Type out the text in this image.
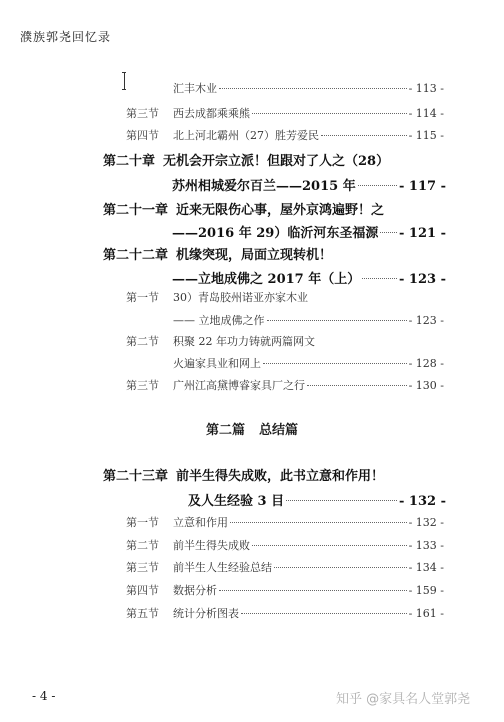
濮族郭尧回忆录
汇丰木业	- 113 -
第三节	西去成都乘乘熊	- 114 -
第四节	北上河北霸州（27）胜芳爱民	- 115 -
第二十章 无机会开宗立派！但跟对了人之（28）
苏州相城爱尔百兰——2015 年	- 117 -
第二十一章 近来无限伤心事，屋外京鸿遍野！之
——2016 年 29）临沂河东圣福源 - 121 -
第二十二章 机缘突现，局面立现转机！
——立地成佛之 2017 年（上）	- 123 -
第一节	30）青岛胶州诺亚亦家木业
—— 立地成佛之作	- 123 -
第二节	积聚 22 年功力铸就两篇网文
火遍家具业和网上	- 128 -
第三节	广州江高黛博睿家具厂之行	- 130 -
第二篇 总结篇
第二十三章 前半生得失成败，此书立意和作用！
及人生经验 3 目	- 132 -
第一节	立意和作用	- 132 -
第二节	前半生得失成败	- 133 -
第三节	前半生人生经验总结	- 134 -
第四节	数据分析	- 159 -
第五节	统计分析图表	- 161 -
- 4 -	知乎 @家具名人堂郭尧
